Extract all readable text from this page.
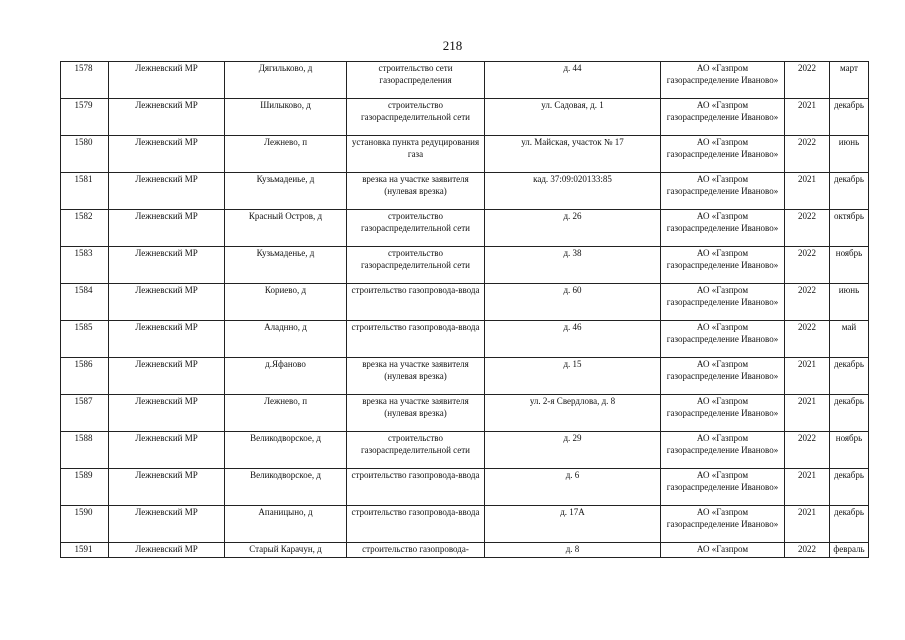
218
1578	Лежневский МР	Дягильково, д	строительство сети газораспределения	д. 44	АО «Газпром газораспределение Иваново»	2022	март
1579	Лежневский МР	Шилыково, д	строительство газораспределительной сети	ул. Садовая, д. 1	АО «Газпром газораспределение Иваново»	2021	декабрь
1580	Лежневский МР	Лежнево, п	установка пункта редуцирования газа	ул. Майская, участок № 17	АО «Газпром газораспределение Иваново»	2022	июнь
1581	Лежневский МР	Кузьмадеиье, д	врезка на участке заявителя (нулевая врезка)	кад. 37:09:020133:85	АО «Газпром газораспределение Иваново»	2021	декабрь
1582	Лежневский МР	Красный Остров, д	строительство газораспределительной сети	д. 26	АО «Газпром газораспределение Иваново»	2022	октябрь
1583	Лежневский МР	Кузьмаденье, д	строительство газораспределительной сети	д. 38	АО «Газпром газораспределение Иваново»	2022	ноябрь
1584	Лежневский МР	Кориево, д	строительство газопровода-ввода	д. 60	АО «Газпром газораспределение Иваново»	2022	июнь
1585	Лежневский МР	Аладнно, д	строительство газопровода-ввода	д. 46	АО «Газпром газораспределение Иваново»	2022	май
1586	Лежневский МР	д.Яфаново	врезка на участке заявителя (нулевая врезка)	д. 15	АО «Газпром газораспределение Иваново»	2021	декабрь
1587	Лежневский МР	Лежнево, п	врезка на участке заявителя (нулевая врезка)	ул. 2-я Свердлова, д. 8	АО «Газпром газораспределение Иваново»	2021	декабрь
1588	Лежневский МР	Великодворское, д	строительство газораспределительной сети	д. 29	АО «Газпром газораспределение Иваново»	2022	ноябрь
1589	Лежневский МР	Великодворское, д	строительство газопровода-ввода	д. 6	АО «Газпром газораспределение Иваново»	2021	декабрь
1590	Лежневский МР	Апаницыно, д	строительство газопровода-ввода	д. 17А	АО «Газпром газораспределение Иваново»	2021	декабрь
1591	Лежневский МР	Старый Карачун, д	строительство газопровода-	д. 8	АО «Газпром	2022	февраль
